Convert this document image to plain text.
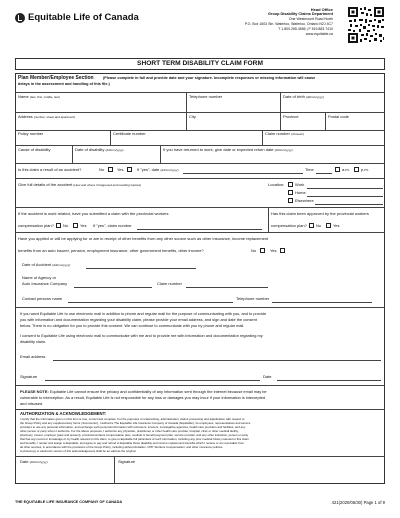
Equitable Life of Canada
Head Office
Group Disability Claims Department
One Westmount Road North
P.O. Box 1603 Stn. Waterloo, Waterloo, Ontario N2J 4C7
T 1.800.265.4556 | F 519.883.7410
www.equitable.ca
SHORT TERM DISABILITY CLAIM FORM
Plan Member/Employee Section (Please complete in full and provide date and your signature. Incomplete responses or missing information will cause
delays in the assessment and handling of this file.)
Name (last, first, middle, last)	Telephone number	Date of birth (dd/mm/yyyy)
Address (number, street and apartment)	City	Province	Postal code
Policy number	Certificate number	Claim number (if known)
Cause of disability	Date of disability (dd/mm/yyyy)	If you have returned to work, give date or expected return date (dd/mm/yyyy)
Is this claim a result of an accident?	No	Yes	If "yes", date (dd/mm/yyyy)	Time	a.m.	p.m.
Give full details of the accident (How and where it happened and resulting injuries)	Location:	Work
Home
Elsewhere
If the accident is work related, have you submitted a claim with the provincial workers
compensation plan? No	Yes If "yes", claim number
Has this claim been approved by the provincial workers
compensation plan? No	Yes
Have you applied or will be applying for or are in receipt of other benefits from any other source such as other insurance, income replacement
benefits from an auto insurer, pension, employment insurance, other government benefits, other income?	No	Yes
Date of Accident (dd/mm/yyyy)
Name of Agency or
Auto Insurance Company	Claim number
Contact persons name	Telephone number
If you want Equitable Life to use electronic mail in addition to phone and regular mail for the purpose of communicating with you, and to provide
you with information and documentation regarding your disability claim, please provide your email address, and sign and date the consent
below. There is no obligation for you to provide this consent. We can continue to communicate with you by phone and regular mail.
I consent to Equitable Life using electronic mail to communicate with me and to provide me with information and documentation regarding my
disability claim.
Email address
Signature	Date
PLEASE NOTE: Equitable Life cannot ensure the privacy and confidentiality of any information sent through the internet because email may be
vulnerable to interception. As a result, Equitable Life is not responsible for any loss or damages you may incur if your information is intercepted
and misused.
AUTHORIZATION & ACKNOWLEDGEMENT:
I certify that the information given on this form is true, correct and complete. For the purposes of underwriting, administration, claims processing and adjudication with respect to
the Group Policy and any supplementary forms ('documents'), I authorize The Equitable Life Insurance Company of Canada ('Equitable'), its employees, representatives and service
providers to use any personal information, and exchange such personal information with reinsurers, insurers, investigative agencies, health care providers and facilities, and any
other person or party whom I authorize. For the above purposes, I authorize any physician, practitioner or other health care provider, hospital, clinic or other medical facility,
pharmacy, insurer, employer (past and present), provincial workers compensation plan, medical or benefit payment plan, service provider, and any other institution, person or party
that has any record or knowledge of my health relevant to this claim, to give to Equitable full particulars of such information, including any prior medical history relevant to this claim
and benefits. I render and assign to Equitable, and agree to pay and refund to Equitable those disability and income replacement benefits which I receive or am receivable from
all other sources, in accordance with the provisions of the Group Policy, including without limitation, CPP, Workers Compensation, and other insurance policies.
A photocopy or electronic version of this acknowledgement shall be as valid as the original.
Date (dd/mm/yyyy)	Signature
THE EQUITABLE LIFE INSURANCE COMPANY OF CANADA	421(2020/06/30) Page 1 of 9
